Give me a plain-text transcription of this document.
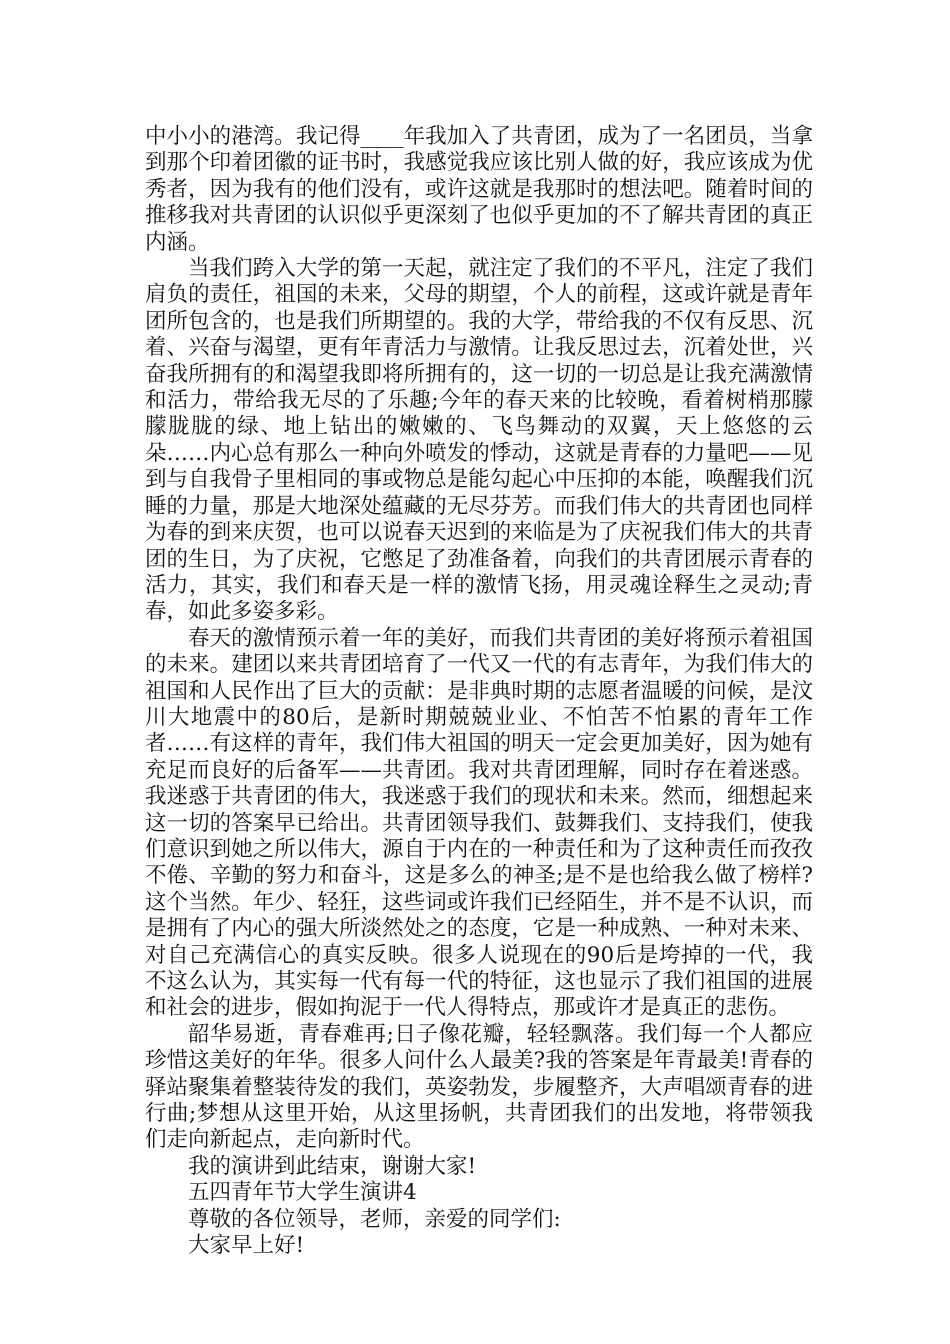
中小小的港湾。我记得____年我加入了共青团，成为了一名团员，当拿到那个印着团徽的证书时，我感觉我应该比别人做的好，我应该成为优秀者，因为我有的他们没有，或许这就是我那时的想法吧。随着时间的推移我对共青团的认识似乎更深刻了也似乎更加的不了解共青团的真正内涵。

当我们跨入大学的第一天起，就注定了我们的不平凡，注定了我们肩负的责任，祖国的未来，父母的期望，个人的前程，这或许就是青年团所包含的，也是我们所期望的。我的大学，带给我的不仅有反思、沉着、兴奋与渴望，更有年青活力与激情。让我反思过去，沉着处世，兴奋我所拥有的和渴望我即将所拥有的，这一切的一切总是让我充满激情和活力，带给我无尽的了乐趣;今年的春天来的比较晚，看着树梢那朦朦胧胧的绿、地上钻出的嫩嫩的、飞鸟舞动的双翼，天上悠悠的云朵……内心总有那么一种向外喷发的悸动，这就是青春的力量吧——见到与自我骨子里相同的事或物总是能勾起心中压抑的本能，唤醒我们沉睡的力量，那是大地深处蕴藏的无尽芬芳。而我们伟大的共青团也同样为春的到来庆贺，也可以说春天迟到的来临是为了庆祝我们伟大的共青团的生日，为了庆祝，它憋足了劲准备着，向我们的共青团展示青春的活力，其实，我们和春天是一样的激情飞扬，用灵魂诠释生之灵动;青春，如此多姿多彩。

春天的激情预示着一年的美好，而我们共青团的美好将预示着祖国的未来。建团以来共青团培育了一代又一代的有志青年，为我们伟大的祖国和人民作出了巨大的贡献：是非典时期的志愿者温暖的问候，是汶川大地震中的80后，是新时期兢兢业业、不怕苦不怕累的青年工作者……有这样的青年，我们伟大祖国的明天一定会更加美好，因为她有充足而良好的后备军——共青团。我对共青团理解，同时存在着迷惑。我迷惑于共青团的伟大，我迷惑于我们的现状和未来。然而，细想起来这一切的答案早已给出。共青团领导我们、鼓舞我们、支持我们，使我们意识到她之所以伟大，源自于内在的一种责任和为了这种责任而孜孜不倦、辛勤的努力和奋斗，这是多么的神圣;是不是也给我么做了榜样?这个当然。年少、轻狂，这些词或许我们已经陌生，并不是不认识，而是拥有了内心的强大所淡然处之的态度，它是一种成熟、一种对未来、对自己充满信心的真实反映。很多人说现在的90后是垮掉的一代，我不这么认为，其实每一代有每一代的特征，这也显示了我们祖国的进展和社会的进步，假如拘泥于一代人得特点，那或许才是真正的悲伤。

韶华易逝，青春难再;日子像花瓣，轻轻飘落。我们每一个人都应珍惜这美好的年华。很多人问什么人最美?我的答案是年青最美!青春的驿站聚集着整装待发的我们，英姿勃发，步履整齐，大声唱颂青春的进行曲;梦想从这里开始，从这里扬帆，共青团我们的出发地，将带领我们走向新起点，走向新时代。

我的演讲到此结束，谢谢大家!

五四青年节大学生演讲4

尊敬的各位领导，老师，亲爱的同学们:

大家早上好!
